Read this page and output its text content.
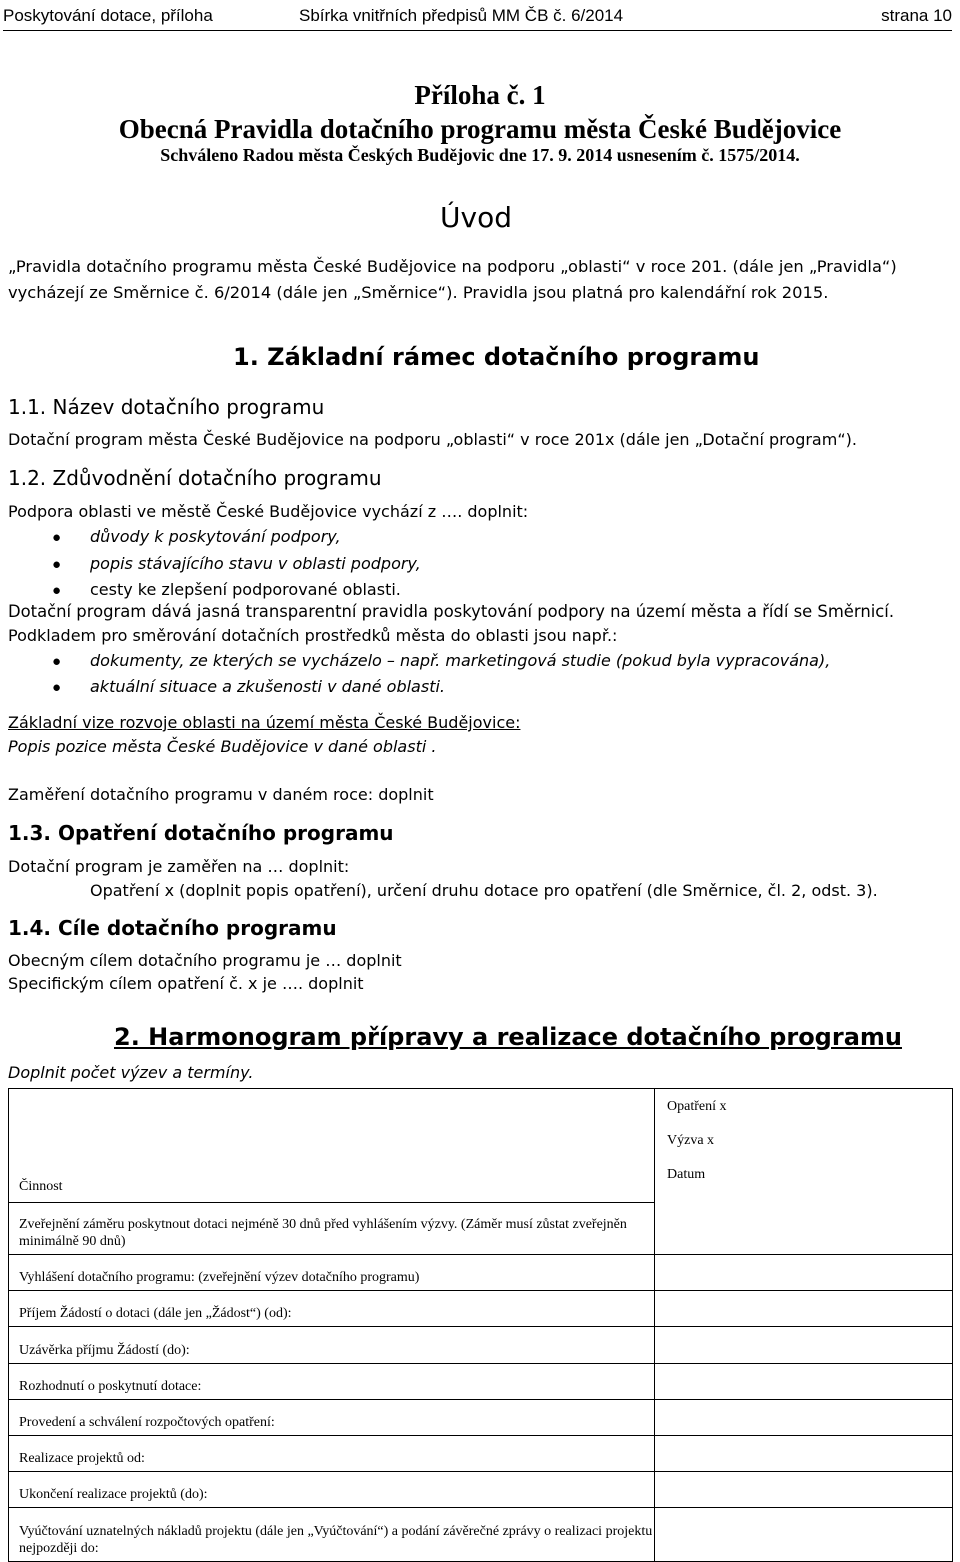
Poskytování dotace, příloha	Sbírka vnitřních předpisů MM ČB č. 6/2014	strana 10
Příloha č. 1
Obecná Pravidla dotačního programu města České Budějovice
Schváleno Radou města Českých Budějovic dne 17. 9. 2014 usnesením č. 1575/2014.
Úvod
„Pravidla dotačního programu města České Budějovice na podporu „oblasti“ v roce 201. (dále jen „Pravidla“)
vycházejí ze Směrnice č. 6/2014 (dále jen „Směrnice“). Pravidla jsou platná pro kalendářní rok 2015.
1. Základní rámec dotačního programu
1.1. Název dotačního programu
Dotační program města České Budějovice na podporu „oblasti“ v roce 201x (dále jen „Dotační program“).
1.2. Zdůvodnění dotačního programu
Podpora oblasti ve městě České Budějovice vychází z …. doplnit:
● důvody k poskytování podpory,
● popis stávajícího stavu v oblasti podpory,
● cesty ke zlepšení podporované oblasti.
Dotační program dává jasná transparentní pravidla poskytování podpory na území města a řídí se Směrnicí.
Podkladem pro směrování dotačních prostředků města do oblasti jsou např.:
● dokumenty, ze kterých se vycházelo – např. marketingová studie (pokud byla vypracována),
● aktuální situace a zkušenosti v dané oblasti.
Základní vize rozvoje oblasti na území města České Budějovice:
Popis pozice města České Budějovice v dané oblasti .
Zaměření dotačního programu v daném roce: doplnit
1.3. Opatření dotačního programu
Dotační program je zaměřen na … doplnit:
Opatření x (doplnit popis opatření), určení druhu dotace pro opatření (dle Směrnice, čl. 2, odst. 3).
1.4. Cíle dotačního programu
Obecným cílem dotačního programu je … doplnit
Specifickým cílem opatření č. x je …. doplnit
2. Harmonogram přípravy a realizace dotačního programu
Doplnit počet výzev a termíny.
Činnost	Opatření x
Výzva x
Datum

Zveřejnění záměru poskytnout dotaci nejméně 30 dnů před vyhlášením výzvy. (Záměr musí zůstat zveřejněn minimálně 90 dnů)	
Vyhlášení dotačního programu: (zveřejnění výzev dotačního programu)	
Příjem Žádostí o dotaci (dále jen „Žádost“) (od):	
Uzávěrka příjmu Žádostí (do):	
Rozhodnutí o poskytnutí dotace:	
Provedení a schválení rozpočtových opatření:	
Realizace projektů od:	
Ukončení realizace projektů (do):	
Vyúčtování uznatelných nákladů projektu (dále jen „Vyúčtování“) a podání závěrečné zprávy o realizaci projektu nejpozději do:	
